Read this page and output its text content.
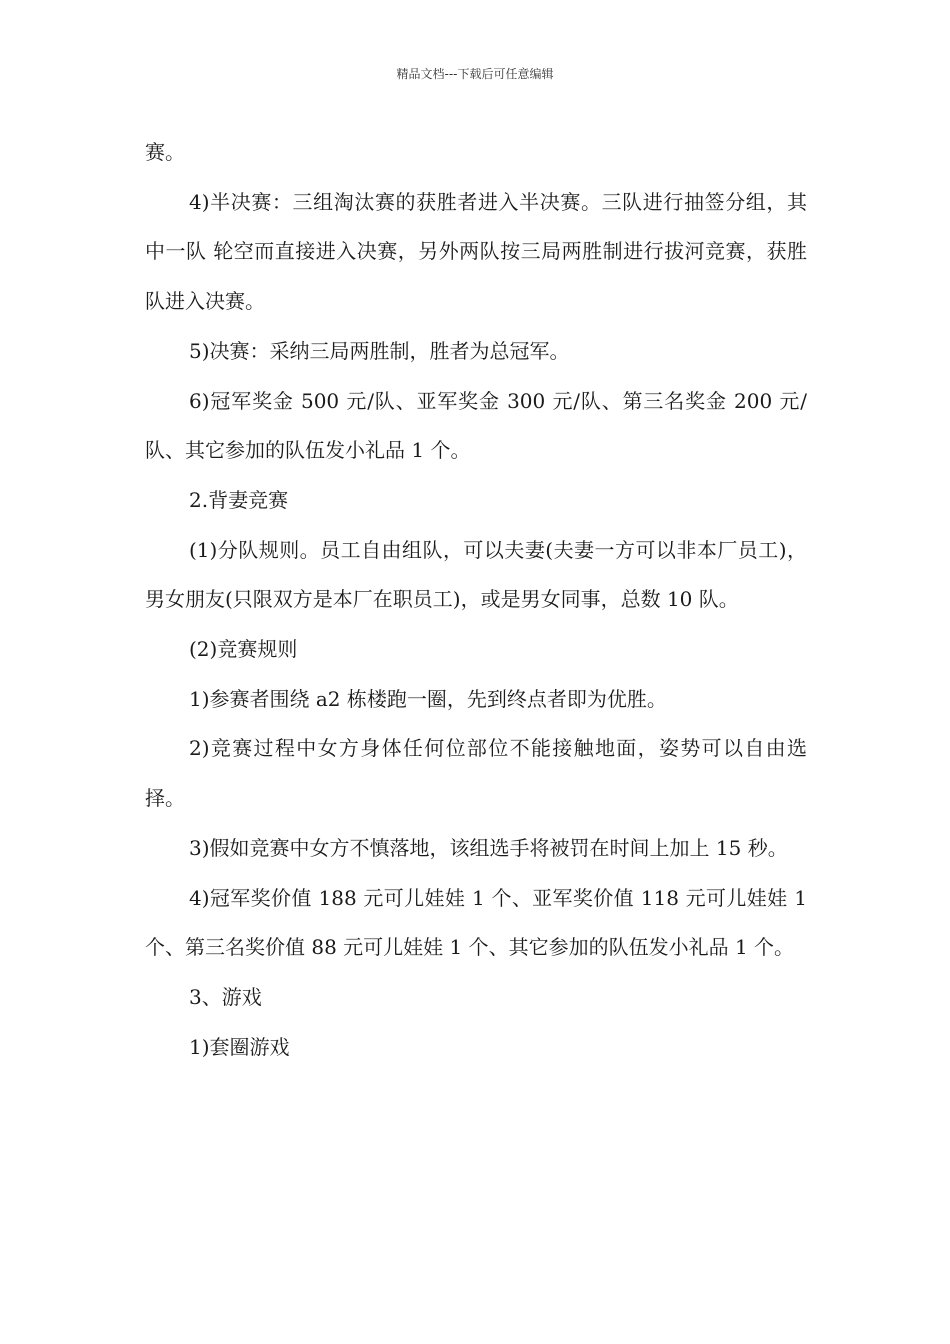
精品文档---下载后可任意编辑

赛。

4)半决赛：三组淘汰赛的获胜者进入半决赛。三队进行抽签分组，其中一队 轮空而直接进入决赛，另外两队按三局两胜制进行拔河竞赛，获胜队进入决赛。

5)决赛：采纳三局两胜制，胜者为总冠军。

6)冠军奖金 500 元/队、亚军奖金 300 元/队、第三名奖金 200 元/队、其它参加的队伍发小礼品 1 个。

2.背妻竞赛

(1)分队规则。员工自由组队，可以夫妻(夫妻一方可以非本厂员工)，男女朋友(只限双方是本厂在职员工)，或是男女同事，总数 10 队。

(2)竞赛规则

1)参赛者围绕 a2 栋楼跑一圈，先到终点者即为优胜。

2)竞赛过程中女方身体任何位部位不能接触地面，姿势可以自由选择。

3)假如竞赛中女方不慎落地，该组选手将被罚在时间上加上 15 秒。

4)冠军奖价值 188 元可儿娃娃 1 个、亚军奖价值 118 元可儿娃娃 1 个、第三名奖价值 88 元可儿娃娃 1 个、其它参加的队伍发小礼品 1 个。

3、游戏

1)套圈游戏
